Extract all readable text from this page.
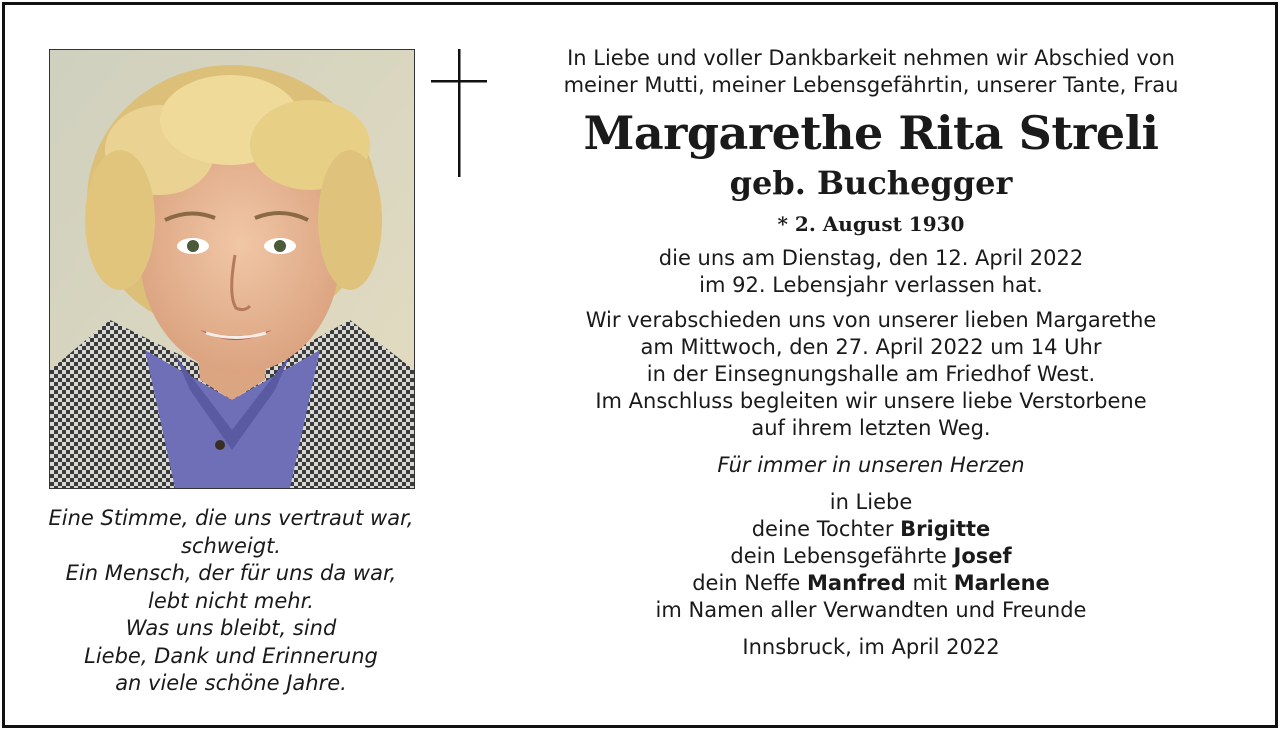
Eine Stimme, die uns vertraut war,
schweigt.
Ein Mensch, der für uns da war,
lebt nicht mehr.
Was uns bleibt, sind
Liebe, Dank und Erinnerung
an viele schöne Jahre.
In Liebe und voller Dankbarkeit nehmen wir Abschied von
meiner Mutti, meiner Lebensgefährtin, unserer Tante, Frau
Margarethe Rita Streli
geb. Buchegger
* 2. August 1930
die uns am Dienstag, den 12. April 2022
im 92. Lebensjahr verlassen hat.
Wir verabschieden uns von unserer lieben Margarethe
am Mittwoch, den 27. April 2022 um 14 Uhr
in der Einsegnungshalle am Friedhof West.
Im Anschluss begleiten wir unsere liebe Verstorbene
auf ihrem letzten Weg.
Für immer in unseren Herzen
in Liebe
deine Tochter Brigitte
dein Lebensgefährte Josef
dein Neffe Manfred mit Marlene
im Namen aller Verwandten und Freunde
Innsbruck, im April 2022
